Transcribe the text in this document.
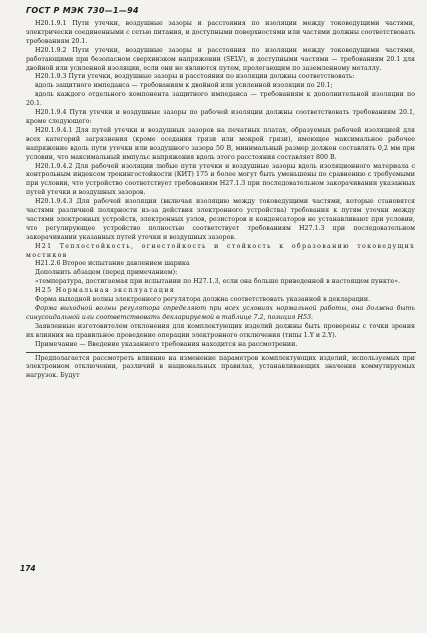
ГОСТ Р МЭК 730—1—94

Н20.1.9.1 Пути утечки, воздушные зазоры и расстояния по изоляции между токоведущими частями, электрически соединенными с сетью питания, и доступными поверхностями или частями должны соответствовать требованиям 20.1.

Н20.1.9.2 Пути утечки, воздушные зазоры и расстояния по изоляции между токоведущими частями, работающими при безопасном сверхнизком напряжении (SELV), и доступными частями — требованиям 20.1 для двойной или усиленной изоляции, если они не являются путем, пролегающим по заземленному металлу.

Н20.1.9.3 Пути утечки, воздушные зазоры и расстояния по изоляции должны соответствовать:

вдоль защитного импеданса — требованиям к двойной или усиленной изоляции по 20.1;

вдоль каждого отдельного компонента защитного импеданса — требованиям к дополнительной изоляции по 20.1.

Н20.1.9.4 Пути утечки и воздушные зазоры по рабочей изоляции должны соответствовать требованиям 20.1, кроме следующего:

Н20.1.9.4.1 Для путей утечки и воздушных зазоров на печатных платах, образуемых рабочей изоляцией для всех категорий загрязнения (кроме оседания грязи или мокрой грязи), имеющее максимальное рабочее напряжение вдоль пути утечки или воздушного зазора 50 В, минимальный размер должен составлять 0,2 мм при условии, что максимальный импульс напряжения вдоль этого расстояния составляет 800 В.

Н20.1.9.4.2 Для рабочей изоляции любые пути утечки и воздушные зазоры вдоль изоляционного материала с контрольным индексом трекингостойкости (КИТ) 175 и более могут быть уменьшены по сравнению с требуемыми при условии, что устройство соответствует требованиям Н27.1.3 при последовательном закорачивании указанных путей утечки и воздушных зазоров.

Н20.1.9.4.3 Для рабочей изоляции (включая изоляцию между токоведущими частями, которые становятся частями различной полярности из-за действия электронного устройства) требования к путям утечки между частями электронных устройств, электронных узлов, резисторов и конденсаторов не устанавливают при условии, что регулирующее устройство полностью соответствует требованиям Н27.1.3 при последовательном закорачивании указанных путей утечки и воздушных зазоров.

Н21 Теплостойкость, огнестойкость и стойкость к образованию токоведущих мостиков

Н21.2.6 Второе испытание давлением шарика

Дополнить абзацем (перед примечанием):

«температура, достигаемая при испытании по Н27.1.3, если она больше приведенной в настоящем пункте».

Н25 Нормальная эксплуатация

Форма выходной волны электронного регулятора должна соответствовать указанной в декларации.

Форма выходной волны регулятора определяют при всех условиях нормальной работы, она должна быть синусоидальной или соответствовать декларируемой в таблице 7.2, позиция Н53.

Заявленные изготовителем отклонения для комплектующих изделий должны быть проверены с точки зрения их влияния на правильное проведение операции электронного отключения (типы 1.Y и 2.Y).

Примечание — Введение указанного требования находится на рассмотрении.

Предполагается рассмотреть влияние на изменение параметров комплектующих изделий, используемых при электронном отключении, различий в национальных правилах, устанавливающих значения коммутируемых нагрузок. Будут

174
